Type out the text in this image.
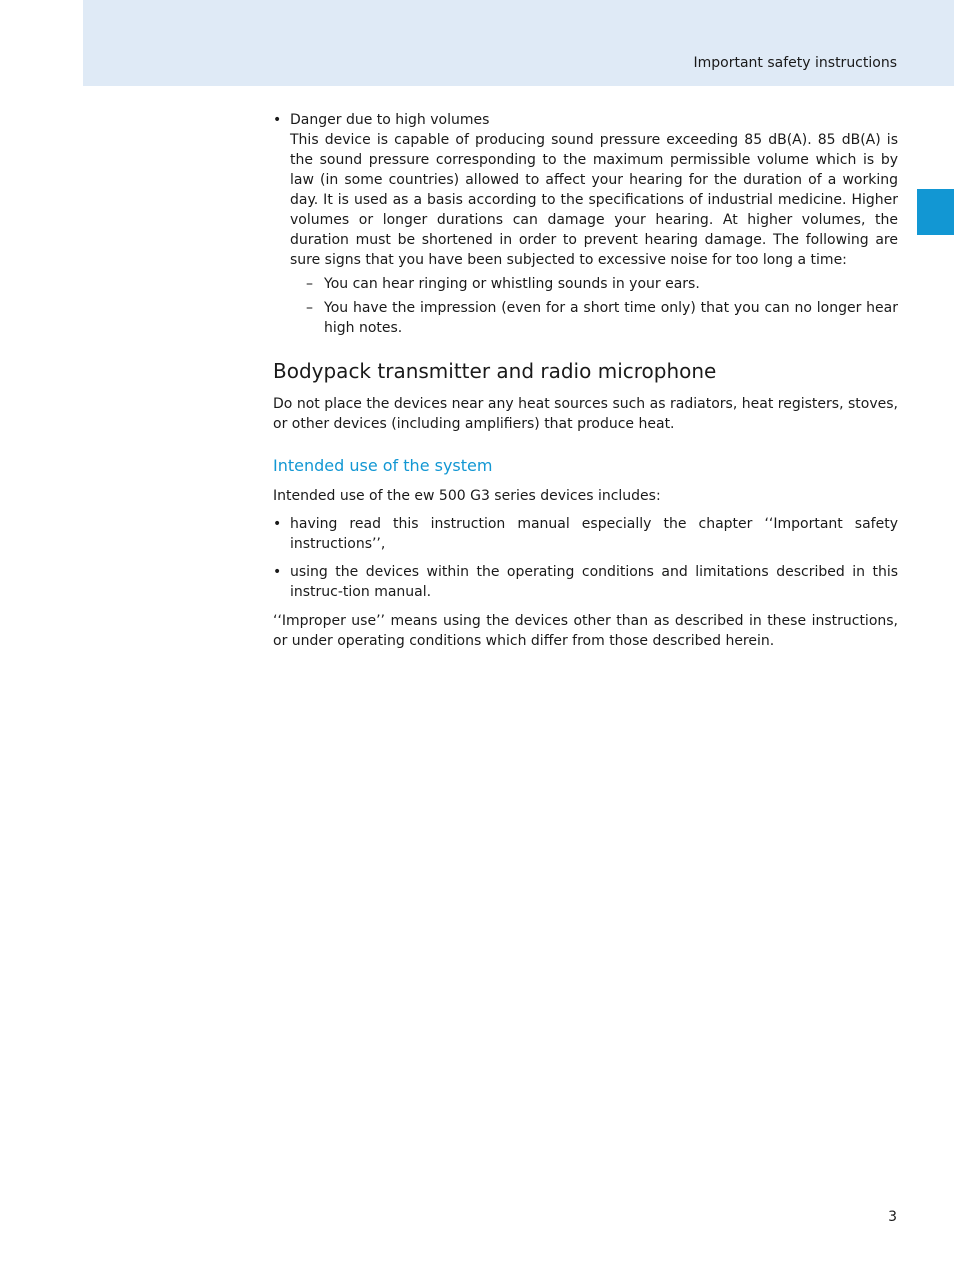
Important safety instructions
• Danger due to high volumes
This device is capable of producing sound pressure exceeding 85 dB(A). 85 dB(A) is the sound pressure corresponding to the maximum permissible volume which is by law (in some countries) allowed to affect your hearing for the duration of a working day. It is used as a basis according to the specifications of industrial medicine. Higher volumes or longer durations can damage your hearing. At higher volumes, the duration must be shortened in order to prevent hearing damage. The following are sure signs that you have been subjected to excessive noise for too long a time:
– You can hear ringing or whistling sounds in your ears.
– You have the impression (even for a short time only) that you can no longer hear high notes.
Bodypack transmitter and radio microphone

Do not place the devices near any heat sources such as radiators, heat registers, stoves, or other devices (including amplifiers) that produce heat.

Intended use of the system

Intended use of the ew 500 G3 series devices includes:

• having read this instruction manual especially the chapter ‘‘Important safety instructions’’,
• using the devices within the operating conditions and limitations described in this instruc-tion manual.

‘‘Improper use’’ means using the devices other than as described in these instructions, or under operating conditions which differ from those described herein.

3
